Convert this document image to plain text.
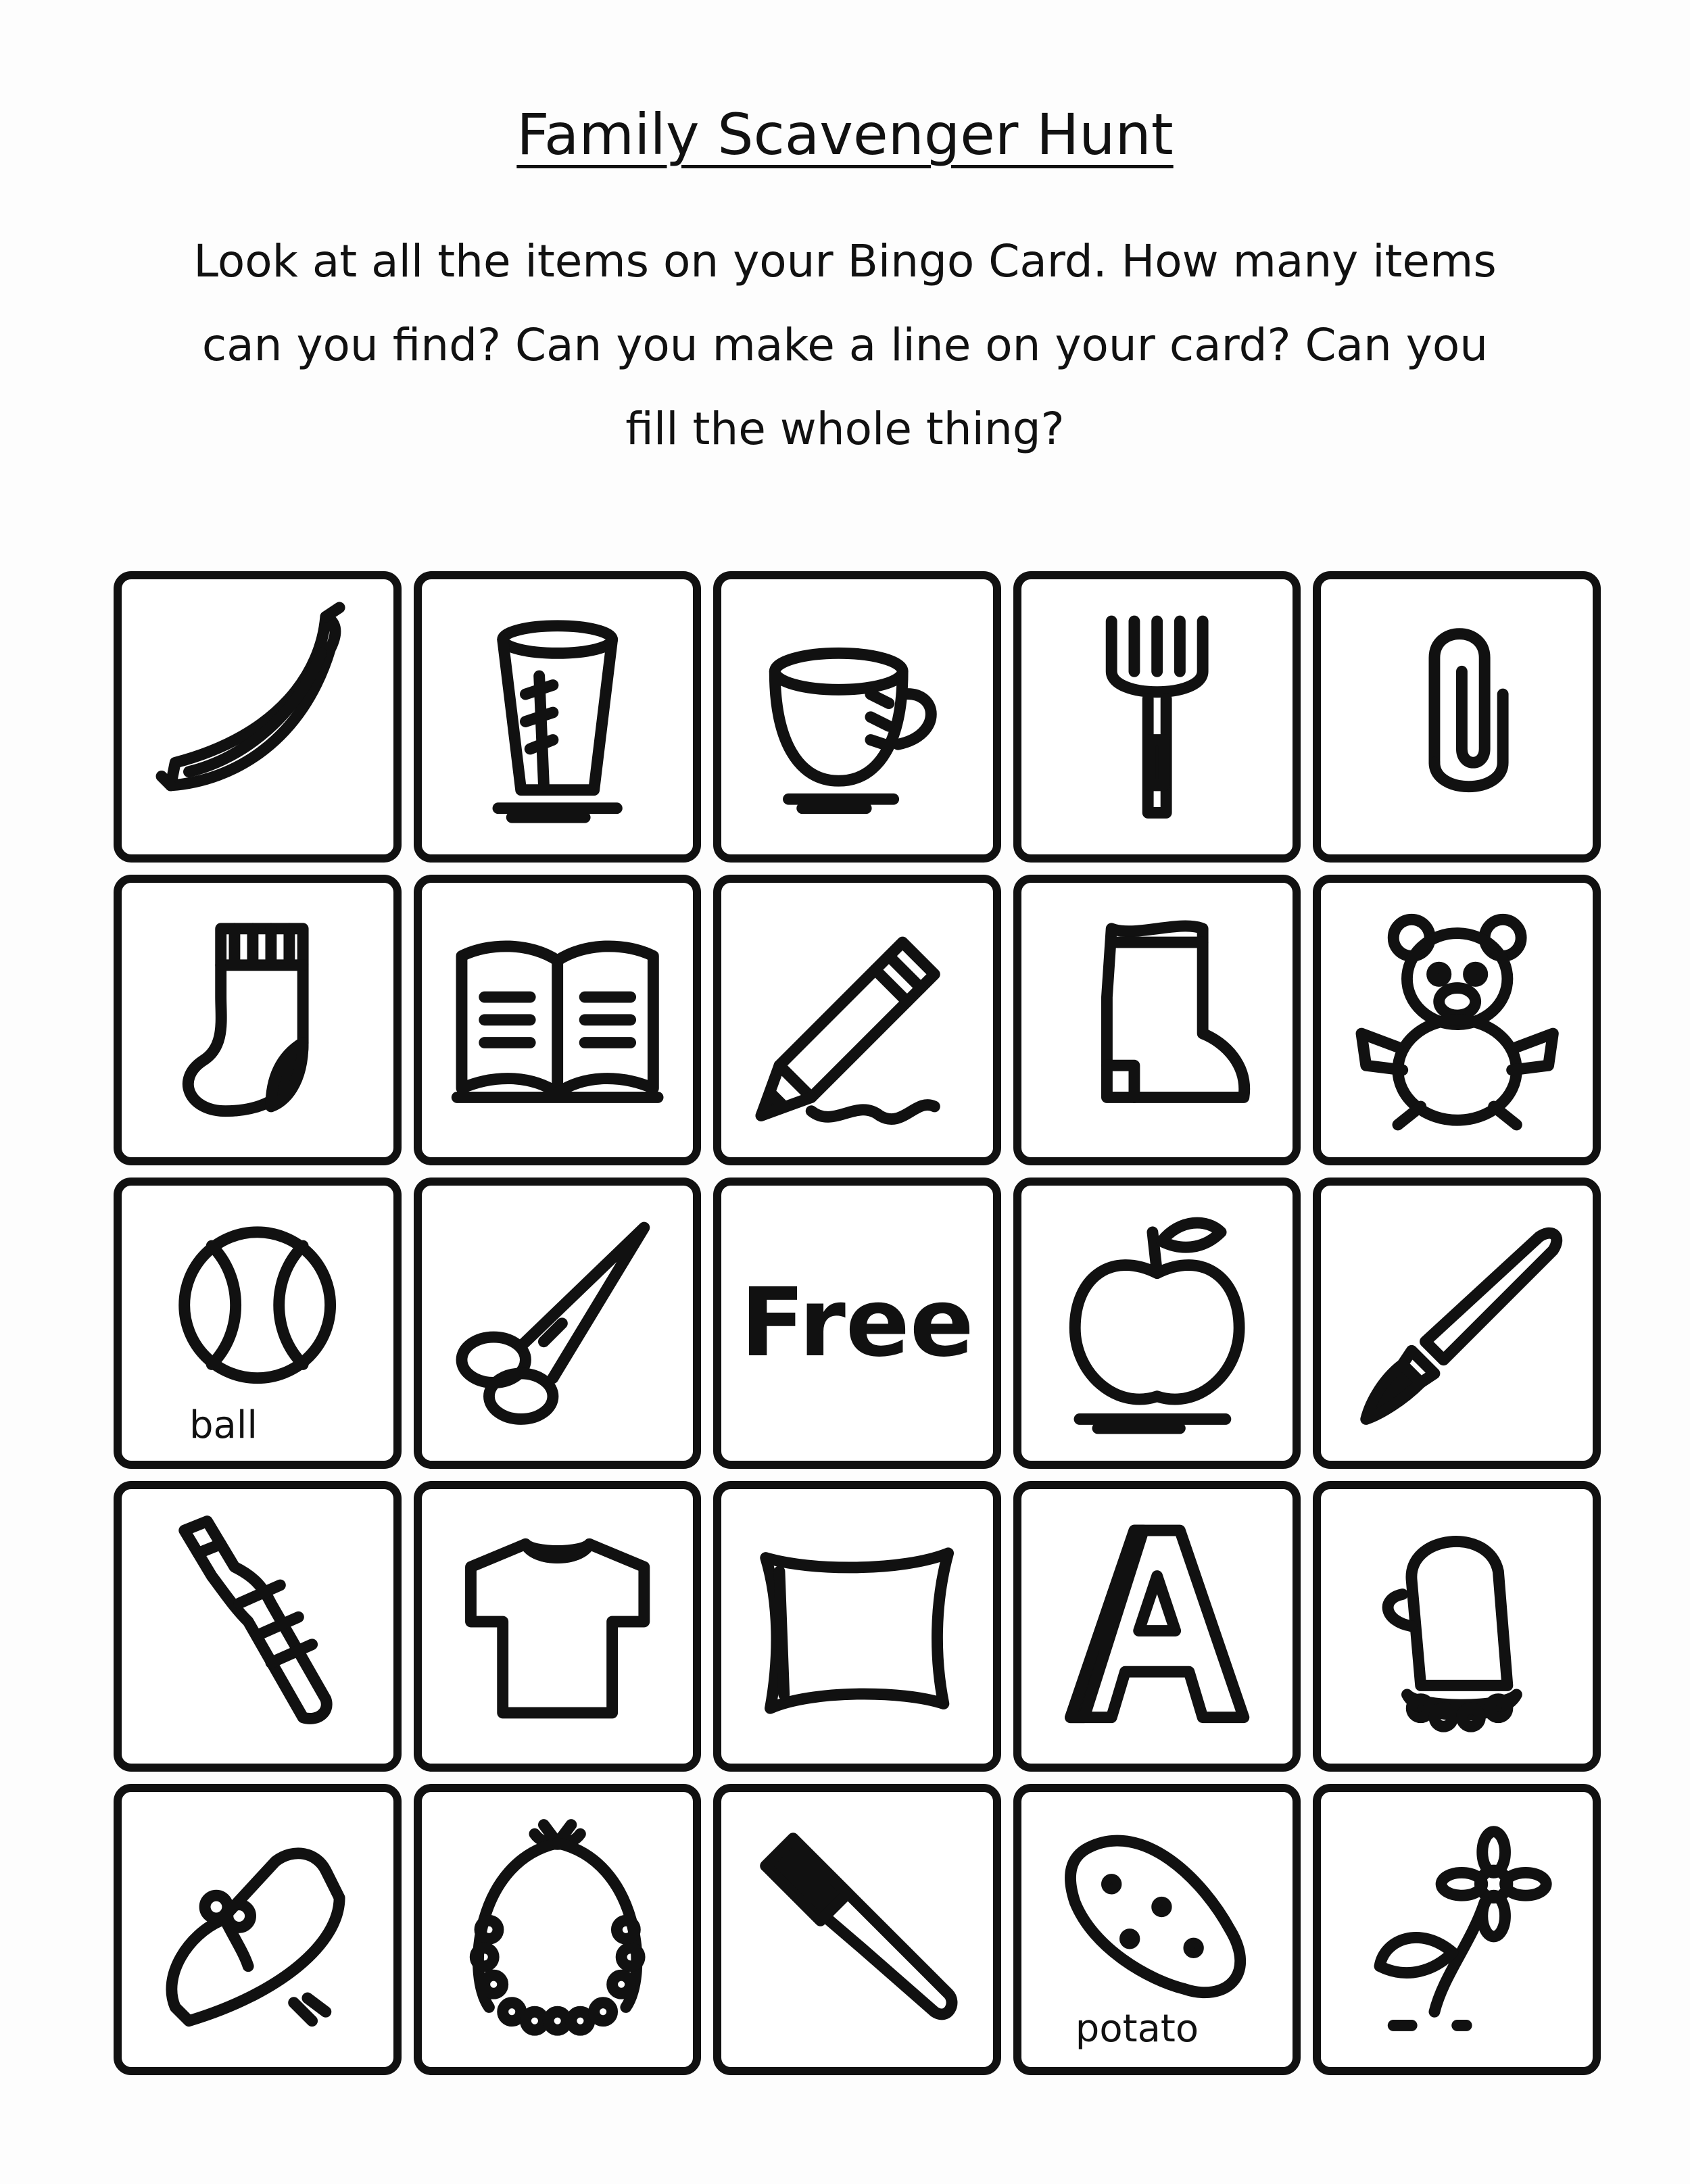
Family Scavenger Hunt
Look at all the items on your Bingo Card. How many items can you find? Can you make a line on your card? Can you fill the whole thing?
ball
Free
potato
